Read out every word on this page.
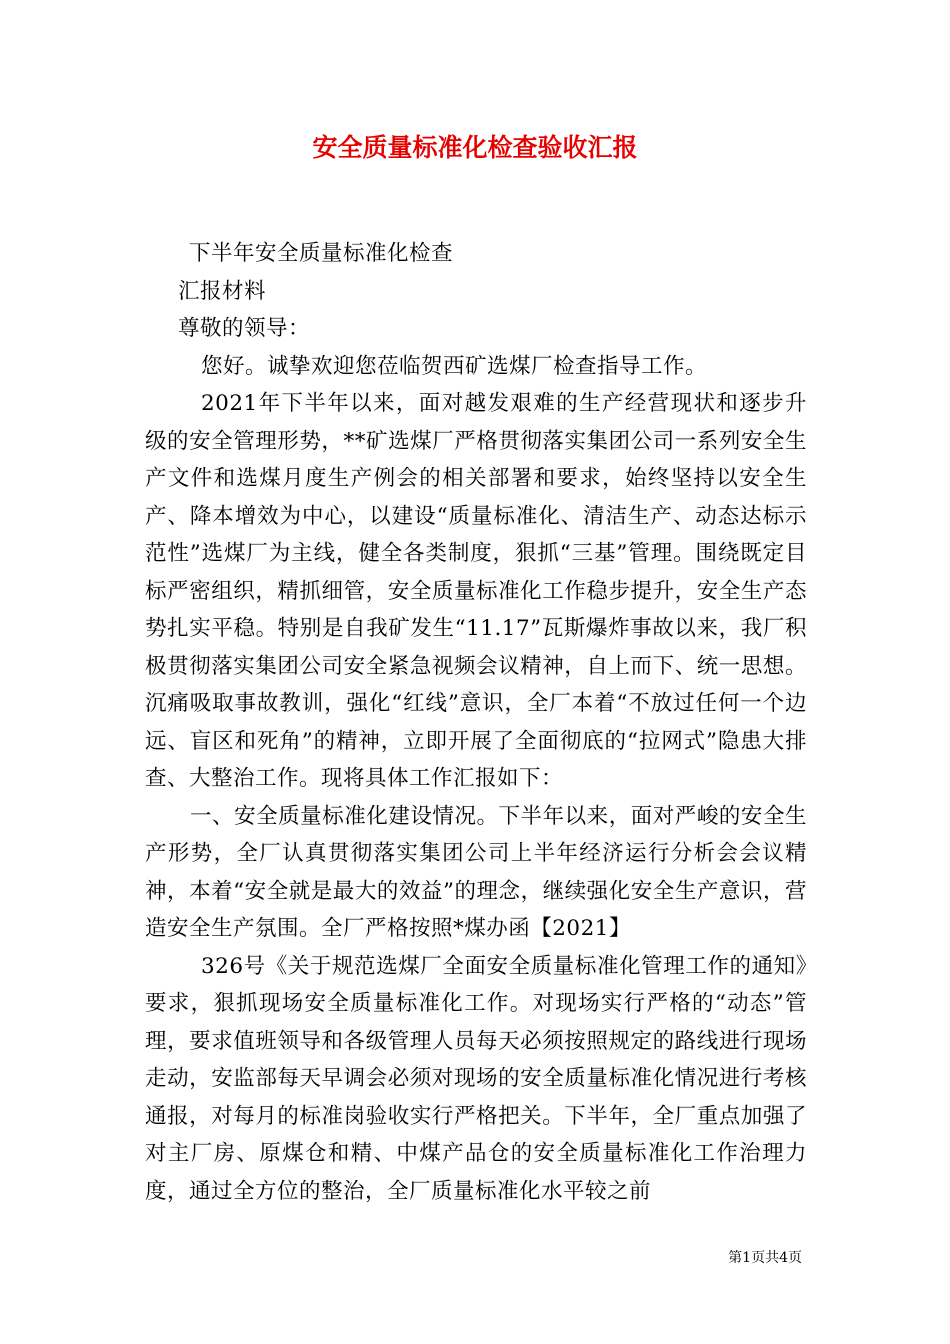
安全质量标准化检查验收汇报

下半年安全质量标准化检查

汇报材料

尊敬的领导：

您好。诚挚欢迎您莅临贺西矿选煤厂检查指导工作。

2021年下半年以来，面对越发艰难的生产经营现状和逐步升级的安全管理形势，**矿选煤厂严格贯彻落实集团公司一系列安全生产文件和选煤月度生产例会的相关部署和要求，始终坚持以安全生产、降本增效为中心，以建设“质量标准化、清洁生产、动态达标示范性”选煤厂为主线，健全各类制度，狠抓“三基”管理。围绕既定目标严密组织，精抓细管，安全质量标准化工作稳步提升，安全生产态势扎实平稳。特别是自我矿发生“11.17”瓦斯爆炸事故以来，我厂积极贯彻落实集团公司安全紧急视频会议精神，自上而下、统一思想。沉痛吸取事故教训，强化“红线”意识，全厂本着“不放过任何一个边远、盲区和死角”的精神，立即开展了全面彻底的“拉网式”隐患大排查、大整治工作。现将具体工作汇报如下：

一、安全质量标准化建设情况。下半年以来，面对严峻的安全生产形势，全厂认真贯彻落实集团公司上半年经济运行分析会会议精神，本着“安全就是最大的效益”的理念，继续强化安全生产意识，营造安全生产氛围。全厂严格按照*煤办函【2021】

326号《关于规范选煤厂全面安全质量标准化管理工作的通知》要求，狠抓现场安全质量标准化工作。对现场实行严格的“动态”管理，要求值班领导和各级管理人员每天必须按照规定的路线进行现场走动，安监部每天早调会必须对现场的安全质量标准化情况进行考核通报，对每月的标准岗验收实行严格把关。下半年，全厂重点加强了对主厂房、原煤仓和精、中煤产品仓的安全质量标准化工作治理力度，通过全方位的整治，全厂质量标准化水平较之前

第1页共4页
